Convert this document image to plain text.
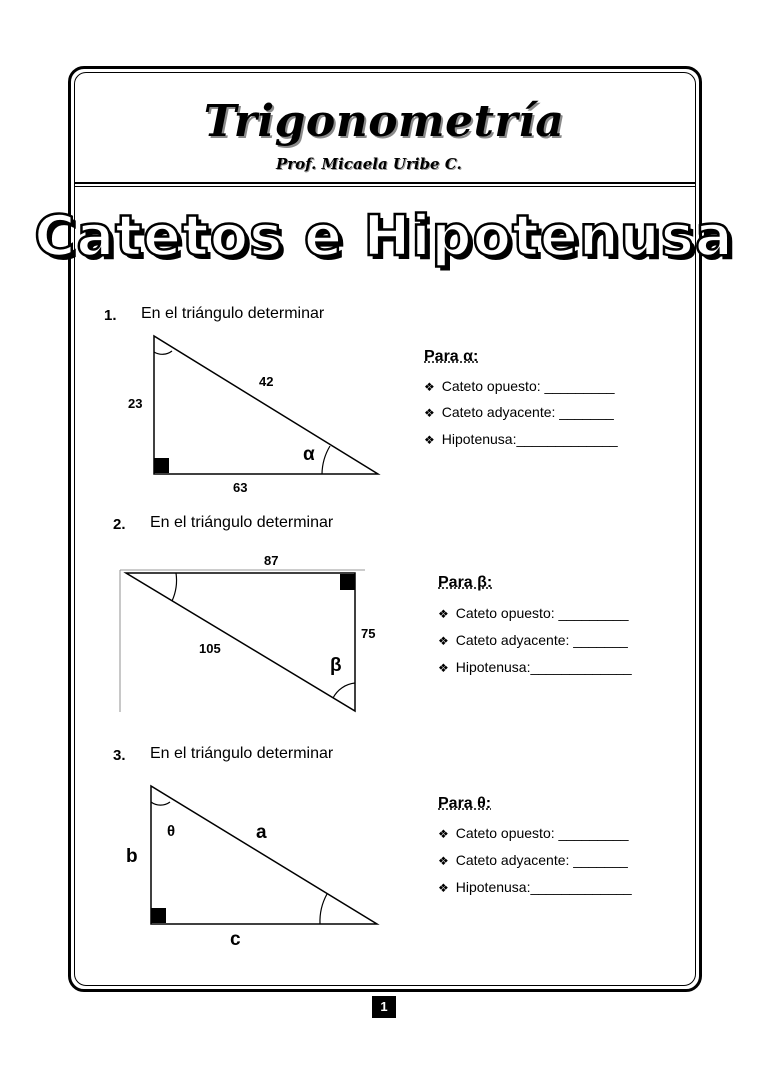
Trigonometría
Prof. Micaela Uribe C.
Catetos e Hipotenusa
1. En el triángulo determinar
42
23
63
α
Para α:
❖ Cateto opuesto: _________
❖ Cateto adyacente: _______
❖ Hipotenusa:_____________
2. En el triángulo determinar
87
75
105
β
Para β:
❖ Cateto opuesto: _________
❖ Cateto adyacente: _______
❖ Hipotenusa:_____________
3. En el triángulo determinar
θ	a
b
c
Para θ:
❖ Cateto opuesto: _________
❖ Cateto adyacente: _______
❖ Hipotenusa:_____________
1
